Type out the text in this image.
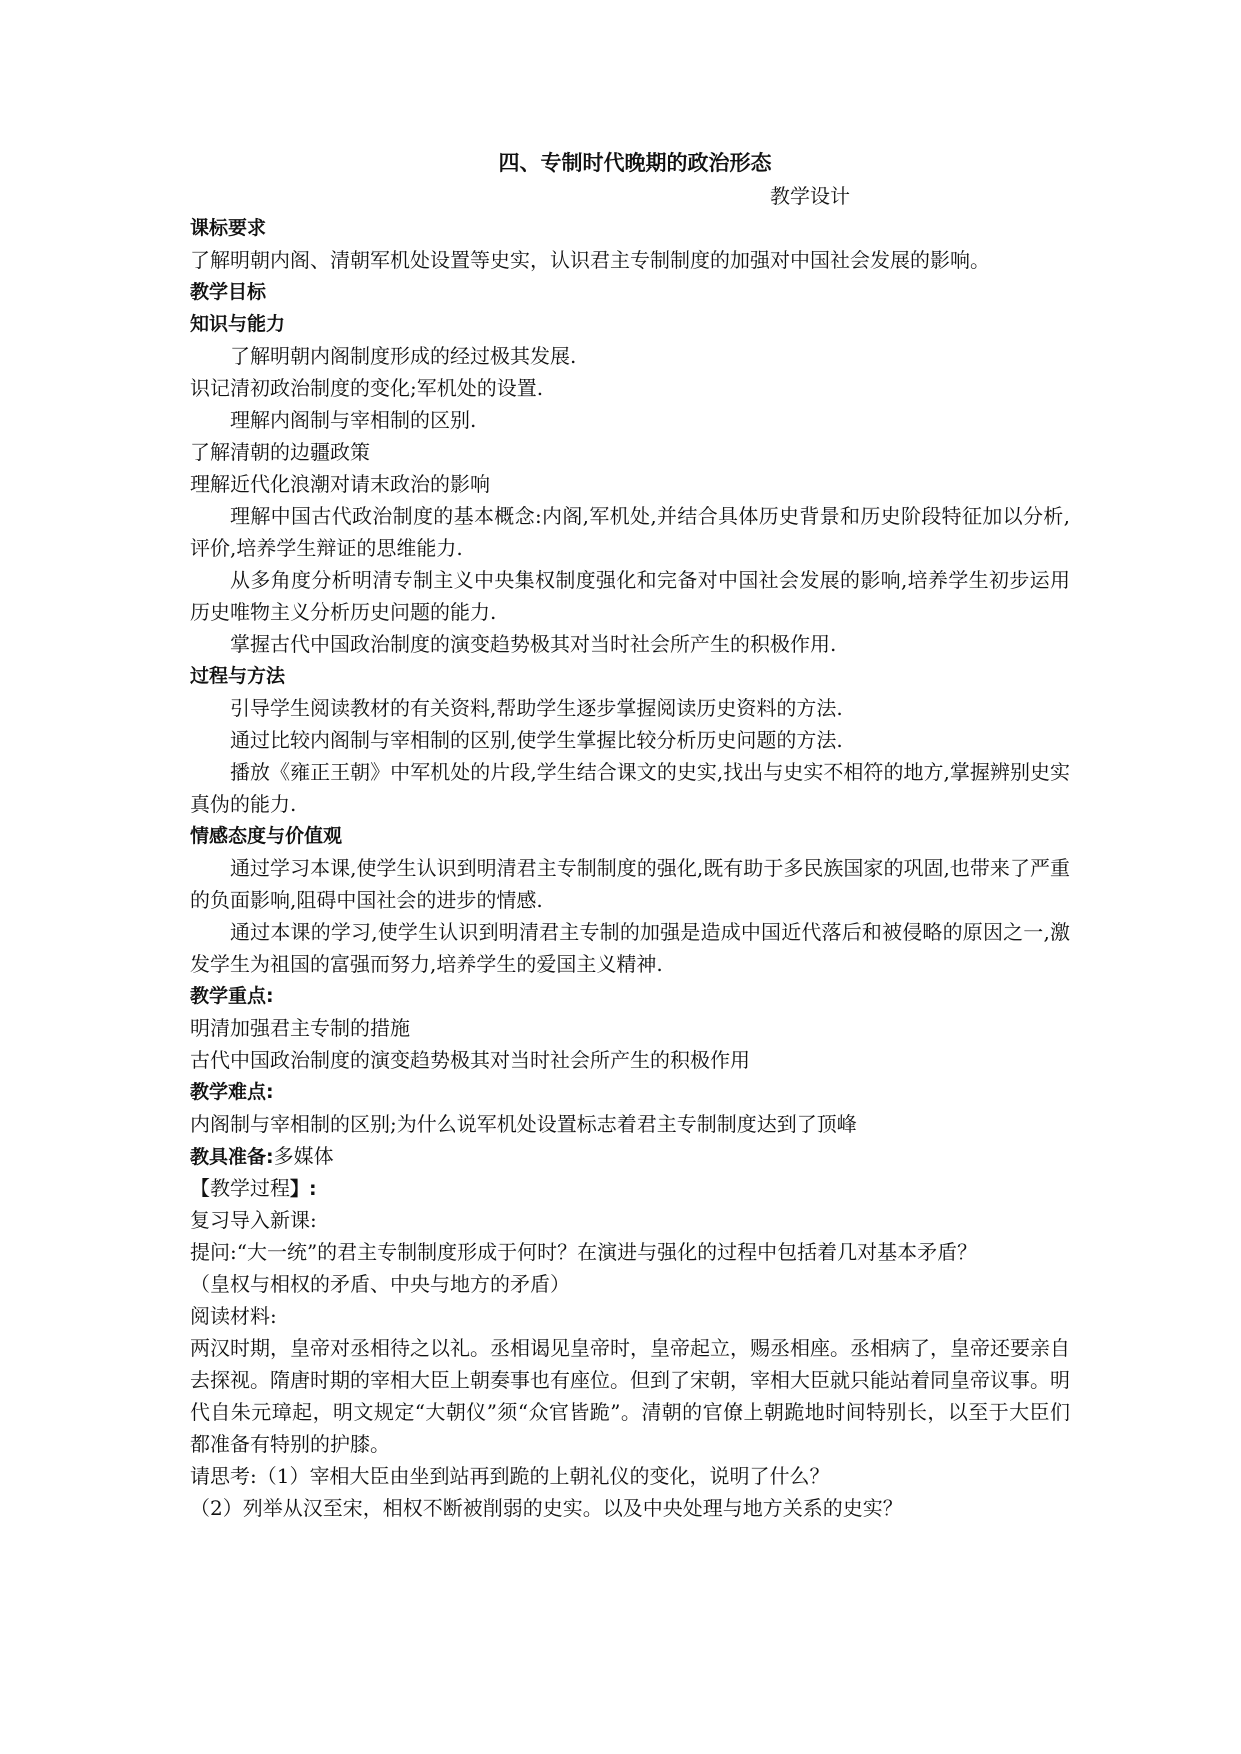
四、专制时代晚期的政治形态
教学设计
课标要求

了解明朝内阁、清朝军机处设置等史实，认识君主专制制度的加强对中国社会发展的影响。

教学目标
知识与能力

了解明朝内阁制度形成的经过极其发展.

识记清初政治制度的变化;军机处的设置.

理解内阁制与宰相制的区别.

了解清朝的边疆政策

理解近代化浪潮对请末政治的影响

理解中国古代政治制度的基本概念:内阁,军机处,并结合具体历史背景和历史阶段特征加以分析,评价,培养学生辩证的思维能力.

从多角度分析明清专制主义中央集权制度强化和完备对中国社会发展的影响,培养学生初步运用历史唯物主义分析历史问题的能力.

掌握古代中国政治制度的演变趋势极其对当时社会所产生的积极作用.

过程与方法

引导学生阅读教材的有关资料,帮助学生逐步掌握阅读历史资料的方法.

通过比较内阁制与宰相制的区别,使学生掌握比较分析历史问题的方法.

播放《雍正王朝》中军机处的片段,学生结合课文的史实,找出与史实不相符的地方,掌握辨别史实真伪的能力.

情感态度与价值观

通过学习本课,使学生认识到明清君主专制制度的强化,既有助于多民族国家的巩固,也带来了严重的负面影响,阻碍中国社会的进步的情感.

通过本课的学习,使学生认识到明清君主专制的加强是造成中国近代落后和被侵略的原因之一,激发学生为祖国的富强而努力,培养学生的爱国主义精神.

教学重点:

明清加强君主专制的措施

古代中国政治制度的演变趋势极其对当时社会所产生的积极作用

教学难点:

内阁制与宰相制的区别;为什么说军机处设置标志着君主专制制度达到了顶峰

教具准备:多媒体

【教学过程】:

复习导入新课:

提问:“大一统”的君主专制制度形成于何时？在演进与强化的过程中包括着几对基本矛盾？

（皇权与相权的矛盾、中央与地方的矛盾）

阅读材料:

两汉时期，皇帝对丞相待之以礼。丞相谒见皇帝时，皇帝起立，赐丞相座。丞相病了，皇帝还要亲自去探视。隋唐时期的宰相大臣上朝奏事也有座位。但到了宋朝，宰相大臣就只能站着同皇帝议事。明代自朱元璋起，明文规定“大朝仪”须“众官皆跪”。清朝的官僚上朝跪地时间特别长，以至于大臣们都准备有特别的护膝。

请思考:（1）宰相大臣由坐到站再到跪的上朝礼仪的变化，说明了什么？

（2）列举从汉至宋，相权不断被削弱的史实。以及中央处理与地方关系的史实？
